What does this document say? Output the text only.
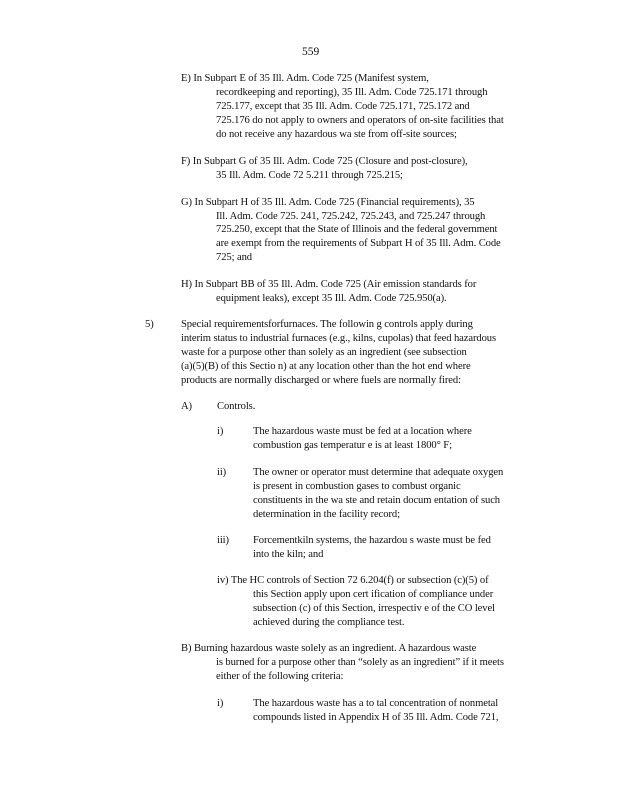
559
E) In Subpart E of 35 Ill. Adm. Code 725 (Manifest system,
recordkeeping and reporting), 35 Ill. Adm. Code 725.171 through
725.177, except that 35 Ill. Adm. Code 725.171, 725.172 and
725.176 do not apply to owners and operators of on-site facilities that
do not receive any hazardous wa ste from off-site sources;
F) In Subpart G of 35 Ill. Adm. Code 725 (Closure and post-closure),
35 Ill. Adm. Code 72 5.211 through 725.215;
G) In Subpart H of 35 Ill. Adm. Code 725 (Financial requirements), 35
Ill. Adm. Code 725. 241, 725.242, 725.243, and 725.247 through
725.250, except that the State of Illinois and the federal government
are exempt from the requirements of Subpart H of 35 Ill. Adm. Code
725; and
H) In Subpart BB of 35 Ill. Adm. Code 725 (Air emission standards for
equipment leaks), except 35 Ill. Adm. Code 725.950(a).
5)	Special requirementsforfurnaces. The followin g controls apply during
interim status to industrial furnaces (e.g., kilns, cupolas) that feed hazardous
waste for a purpose other than solely as an ingredient (see subsection
(a)(5)(B) of this Sectio n) at any location other than the hot end where
products are normally discharged or where fuels are normally fired:
A) Controls.
i)	The hazardous waste must be fed at a location where
combustion gas temperatur e is at least 1800° F;
ii)	The owner or operator must determine that adequate oxygen
is present in combustion gases to combust organic
constituents in the wa ste and retain docum entation of such
determination in the facility record;
iii) Forcementkiln systems, the hazardou s waste must be fed
into the kiln; and
iv) The HC controls of Section 72 6.204(f) or subsection (c)(5) of
this Section apply upon cert ification of compliance under
subsection (c) of this Section, irrespectiv e of the CO level
achieved during the compliance test.
B) Burning hazardous waste solely as an ingredient. A hazardous waste
is burned for a purpose other than “solely as an ingredient” if it meets
either of the following criteria:
i)	The hazardous waste has a to tal concentration of nonmetal
compounds listed in Appendix H of 35 Ill. Adm. Code 721,
